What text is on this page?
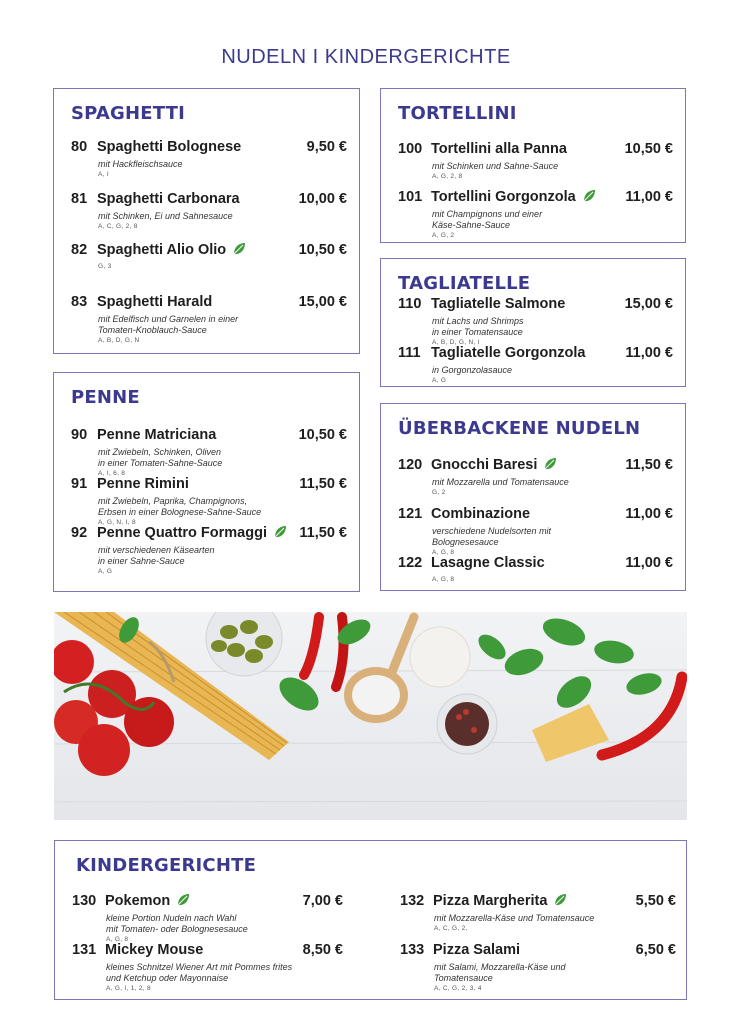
NUDELN I KINDERGERICHTE
SPAGHETTI
80 Spaghetti Bolognese	9,50 €
mit Hackfleischsauce
A, I
81 Spaghetti Carbonara	10,00 €
mit Schinken, Ei und Sahnesauce
A, C, G, 2, 8
82 Spaghetti Alio Olio	10,50 €
G, 3
83 Spaghetti Harald	15,00 €
mit Edelfisch und Garnelen in einer
Tomaten-Knoblauch-Sauce
A, B, D, G, N
PENNE
90 Penne Matriciana	10,50 €
mit Zwiebeln, Schinken, Oliven
in einer Tomaten-Sahne-Sauce
A, I, 6, 8
91 Penne Rimini	11,50 €
mit Zwiebeln, Paprika, Champignons,
Erbsen in einer Bolognese-Sahne-Sauce
A, G, N, I, 8
92 Penne Quattro Formaggi	11,50 €
mit verschiedenen Käsearten
in einer Sahne-Sauce
A, G
TORTELLINI
100 Tortellini alla Panna	10,50 €
mit Schinken und Sahne-Sauce
A, G, 2, 8
101 Tortellini Gorgonzola	11,00 €
mit Champignons und einer
Käse-Sahne-Sauce
A, G, 2
TAGLIATELLE
110 Tagliatelle Salmone	15,00 €
mit Lachs und Shrimps
in einer Tomatensauce
A, B, D, G, N, I
111 Tagliatelle Gorgonzola	11,00 €
in Gorgonzolasauce
A, G
ÜBERBACKENE NUDELN
120 Gnocchi Baresi	11,50 €
mit Mozzarella und Tomatensauce
G, 2
121 Combinazione	11,00 €
verschiedene Nudelsorten mit
Bolognesesauce
A, G, 8
122 Lasagne Classic	11,00 €
A, G, 8
KINDERGERICHTE
130 Pokemon	7,00 €
kleine Portion Nudeln nach Wahl
mit Tomaten- oder Bolognesesauce
A, G, 8
131 Mickey Mouse	8,50 €
kleines Schnitzel Wiener Art mit Pommes frites
und Ketchup oder Mayonnaise
A, G, I, 1, 2, 8
132 Pizza Margherita	5,50 €
mit Mozzarella-Käse und Tomatensauce
A, C, G, 2,
133 Pizza Salami	6,50 €
mit Salami, Mozzarella-Käse und
Tomatensauce
A, C, G, 2, 3, 4
